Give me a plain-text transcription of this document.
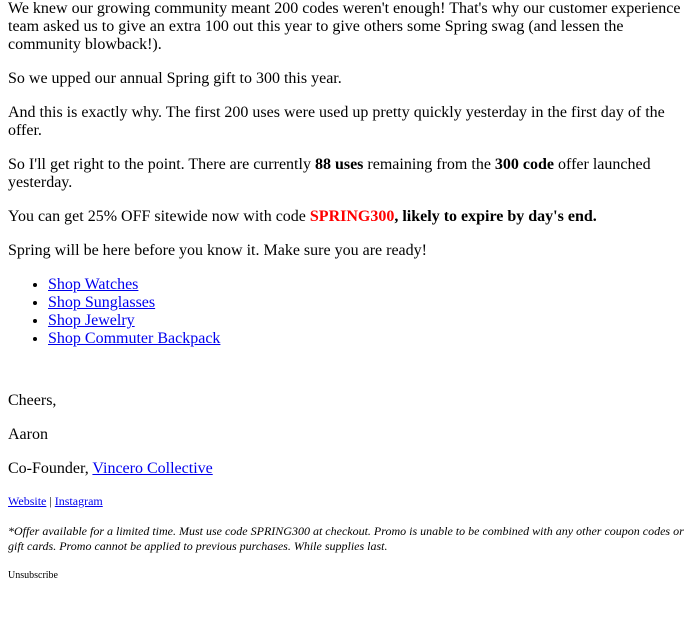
We knew our growing community meant 200 codes weren't enough! That's why our customer experience team asked us to give an extra 100 out this year to give others some Spring swag (and lessen the community blowback!).

So we upped our annual Spring gift to 300 this year.

And this is exactly why. The first 200 uses were used up pretty quickly yesterday in the first day of the offer.

So I'll get right to the point. There are currently 88 uses remaining from the 300 code offer launched yesterday.

You can get 25% OFF sitewide now with code SPRING300, likely to expire by day's end.

Spring will be here before you know it. Make sure you are ready!

• Shop Watches
• Shop Sunglasses
• Shop Jewelry
• Shop Commuter Backpack

Cheers,

Aaron

Co-Founder, Vincero Collective

Website | Instagram

*Offer available for a limited time. Must use code SPRING300 at checkout. Promo is unable to be combined with any other coupon codes or gift cards. Promo cannot be applied to previous purchases. While supplies last.

Unsubscribe
